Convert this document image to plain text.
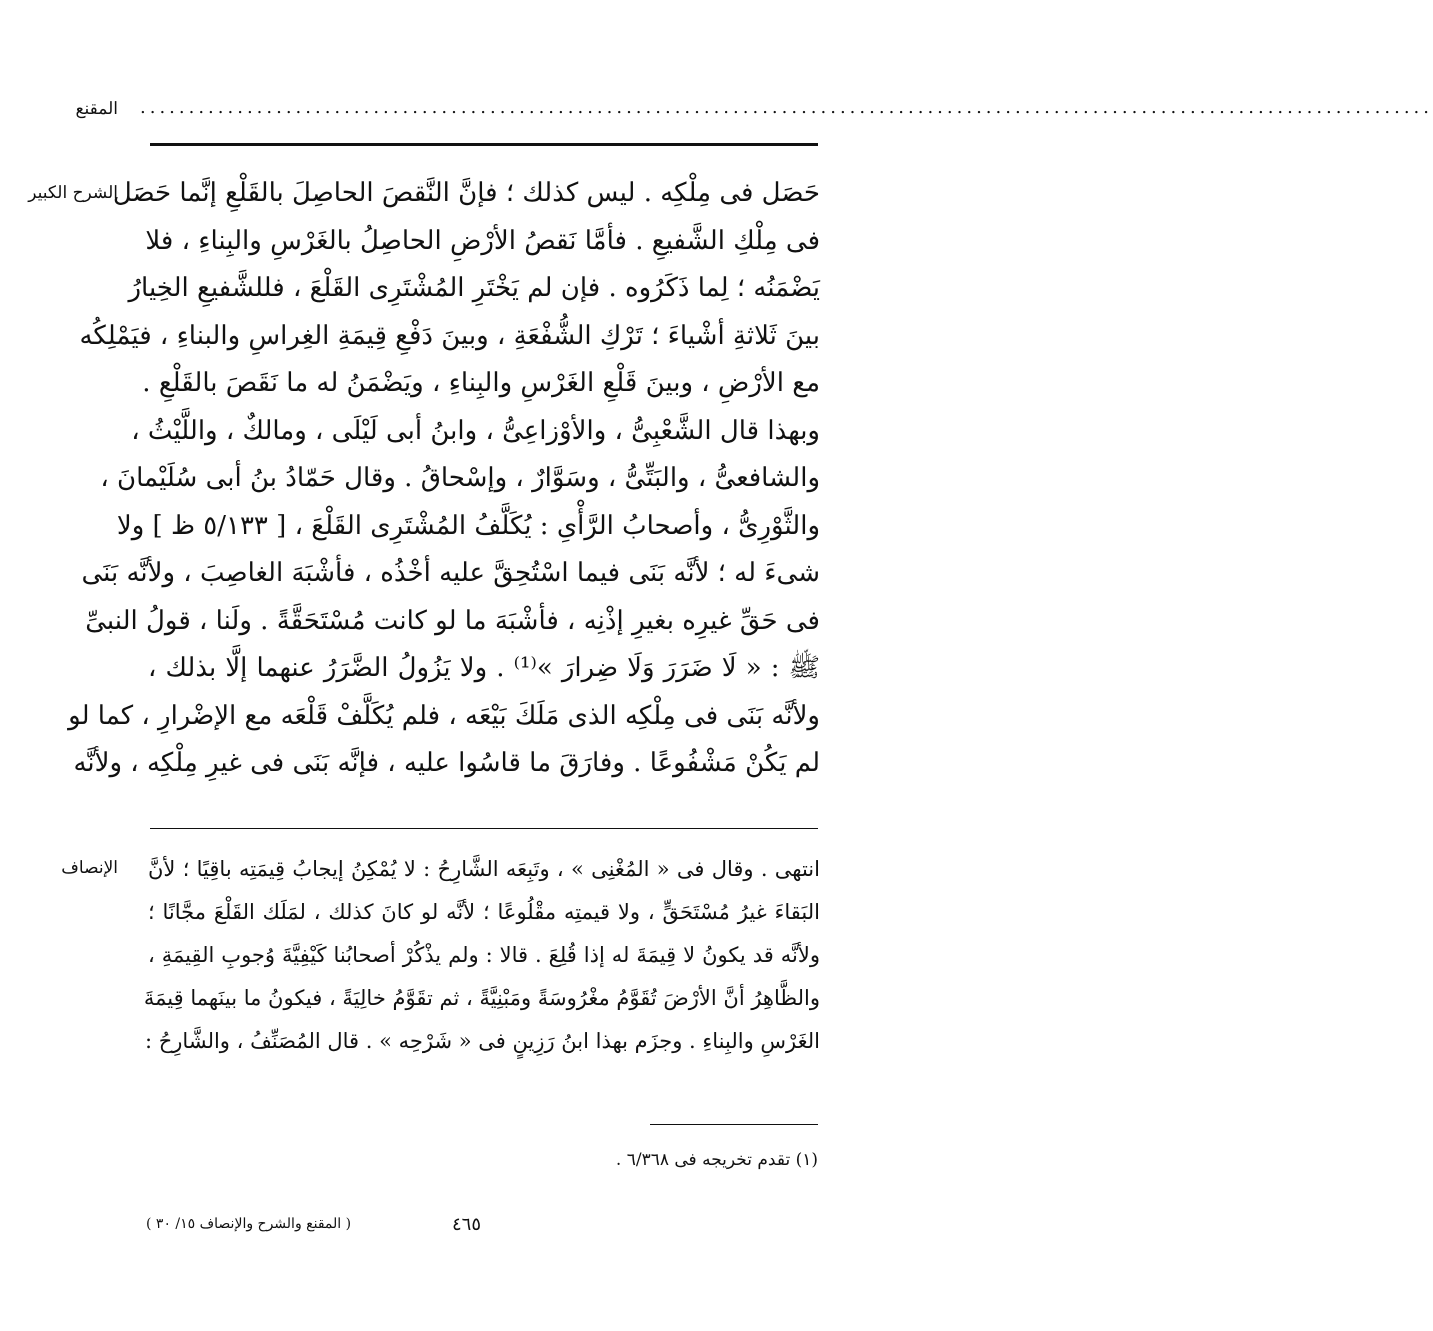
المقنع .....................................................................................................................................
الشرح الكبير
حَصَل فى مِلْكِه . ليس كذلك ؛ فإنَّ النَّقصَ الحاصِلَ بالقَلْعِ إنَّما حَصَل
فى مِلْكِ الشَّفيعِ . فأمَّا نَقصُ الأرْضِ الحاصِلُ بالغَرْسِ والبِناءِ ، فلا
يَضْمَنُه ؛ لِما ذَكَرُوه . فإن لم يَخْتَرِ المُشْتَرِى القَلْعَ ، فللشَّفيعِ الخِيارُ
بينَ ثَلاثةِ أشْياءَ ؛ تَرْكِ الشُّفْعَةِ ، وبينَ دَفْعِ قِيمَةِ الغِراسِ والبناءِ ، فيَمْلِكُه
مع الأرْضِ ، وبينَ قَلْعِ الغَرْسِ والبِناءِ ، ويَضْمَنُ له ما نَقَصَ بالقَلْعِ .
وبهذا قال الشَّعْبِىُّ ، والأوْزاعِىُّ ، وابنُ أبى لَيْلَى ، ومالكٌ ، واللَّيْثُ ،
والشافعىُّ ، والبَتِّىُّ ، وسَوَّارٌ ، وإسْحاقُ . وقال حَمّادُ بنُ أبى سُلَيْمانَ ،
والثَّوْرِىُّ ، وأصحابُ الرَّأْىِ : يُكَلَّفُ المُشْتَرِى القَلْعَ ، [ ٥/١٣٣ ظ ] ولا
شىءَ له ؛ لأنَّه بَنَى فيما اسْتُحِقَّ عليه أخْذُه ، فأشْبَهَ الغاصِبَ ، ولأنَّه بَنَى
فى حَقِّ غيرِه بغيرِ إذْنِه ، فأشْبَهَ ما لو كانت مُسْتَحَقَّةً . ولَنا ، قولُ النبىِّ
ﷺ : « لَا ضَرَرَ وَلَا ضِرارَ »⁽¹⁾ . ولا يَزُولُ الضَّرَرُ عنهما إلَّا بذلك ،
ولأنَّه بَنَى فى مِلْكِه الذى مَلَكَ بَيْعَه ، فلم يُكَلَّفْ قَلْعَه مع الإضْرارِ ، كما لو
لم يَكُنْ مَشْفُوعًا . وفارَقَ ما قاسُوا عليه ، فإنَّه بَنَى فى غيرِ مِلْكِه ، ولأنَّه
الإنصاف انتهى . وقال فى « المُغْنِى » ، وتَبِعَه الشَّارِحُ : لا يُمْكِنُ إيجابُ قِيمَتِه باقِيًا ؛ لأنَّ
البَقاءَ غيرُ مُسْتَحَقٍّ ، ولا قيمتِه مقْلُوعًا ؛ لأنَّه لو كانَ كذلك ، لمَلَك القَلْعَ مجَّانًا ؛
ولأنَّه قد يكونُ لا قِيمَةَ له إذا قُلِعَ . قالا : ولم يذْكُرْ أصحابُنا كَيْفِيَّةَ وُجوبِ القِيمَةِ ،
والظَّاهِرُ أنَّ الأرْضَ تُقَوَّمُ مغْرُوسَةً ومَبْنِيَّةً ، ثم تقَوَّمُ خالِيَةً ، فيكونُ ما بينَهما قِيمَةَ
الغَرْسِ والبِناءِ . وجزَم بهذا ابنُ رَزِينٍ فى « شَرْحِه » . قال المُصَنِّفُ ، والشَّارِحُ :
(١) تقدم تخريجه فى ٦/٣٦٨ .
٤٦٥
( المقنع والشرح والإنصاف ١٥/ ٣٠ )
